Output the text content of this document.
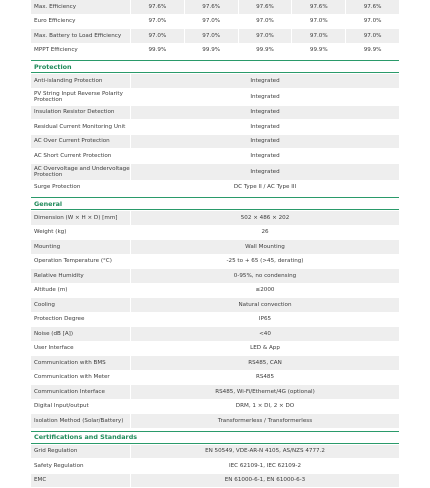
Max. Efficiency	97.6%	97.6%	97.6%	97.6%	97.6%
Euro Efficiency	97.0%	97.0%	97.0%	97.0%	97.0%
Max. Battery to Load Efficiency	97.0%	97.0%	97.0%	97.0%	97.0%
MPPT Efficiency	99.9%	99.9%	99.9%	99.9%	99.9%
Protection
Anti-islanding Protection	Integrated
PV String Input Reverse Polarity Protection	Integrated
Insulation Resistor Detection	Integrated
Residual Current Monitoring Unit	Integrated
AC Over Current Protection	Integrated
AC Short Current Protection	Integrated
AC Overvoltage and Undervoltage Protection	Integrated
Surge Protection	DC Type II / AC Type III
General
Dimension (W × H × D) [mm]	502 × 486 × 202
Weight (kg)	26
Mounting	Wall Mounting
Operation Temperature (°C)	-25 to + 65 (>45, derating)
Relative Humidity	0-95%, no condensing
Altitude (m)	≤2000
Cooling	Natural convection
Protection Degree	IP65
Noise (dB [A])	<40
User Interface	LED & App
Communication with BMS	RS485, CAN
Communication with Meter	RS485
Communication Interface	RS485, Wi-Fi/Ethernet/4G (optional)
Digital Input/output	DRM, 1 × DI, 2 × DO
Isolation Method (Solar/Battery)	Transformerless / Transformerless
Certifications and Standards
Grid Regulation	EN 50549, VDE-AR-N 4105, AS/NZS 4777.2
Safety Regulation	IEC 62109-1, IEC 62109-2
EMC	EN 61000-6-1, EN 61000-6-3
